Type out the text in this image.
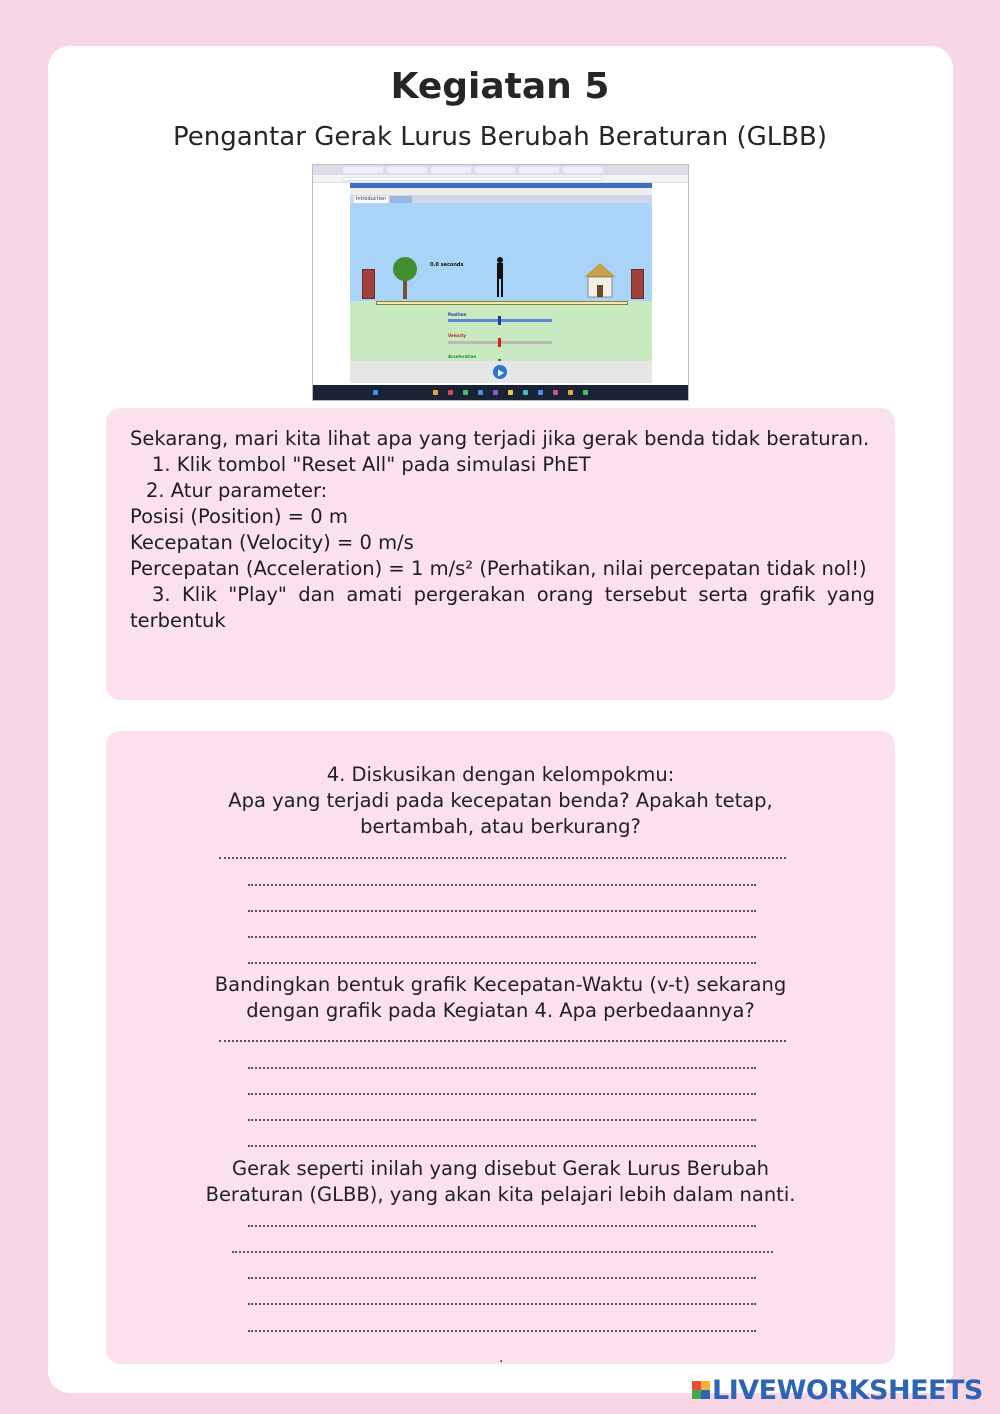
Kegiatan 5
Pengantar Gerak Lurus Berubah Beraturan (GLBB)
Introduction
0.0 seconds
Position
Velocity
Acceleration

Sekarang, mari kita lihat apa yang terjadi jika gerak benda tidak beraturan.

1. Klik tombol "Reset All" pada simulasi PhET

2. Atur parameter:

Posisi (Position) = 0 m

Kecepatan (Velocity) = 0 m/s

Percepatan (Acceleration) = 1 m/s² (Perhatikan, nilai percepatan tidak nol!)

3. Klik "Play" dan amati pergerakan orang tersebut serta grafik yang terbentuk

4. Diskusikan dengan kelompokmu:
Apa yang terjadi pada kecepatan benda? Apakah tetap,
bertambah, atau berkurang?
Bandingkan bentuk grafik Kecepatan-Waktu (v-t) sekarang
dengan grafik pada Kegiatan 4. Apa perbedaannya?
Gerak seperti inilah yang disebut Gerak Lurus Berubah
Beraturan (GLBB), yang akan kita pelajari lebih dalam nanti.
.
LIVEWORKSHEETS
